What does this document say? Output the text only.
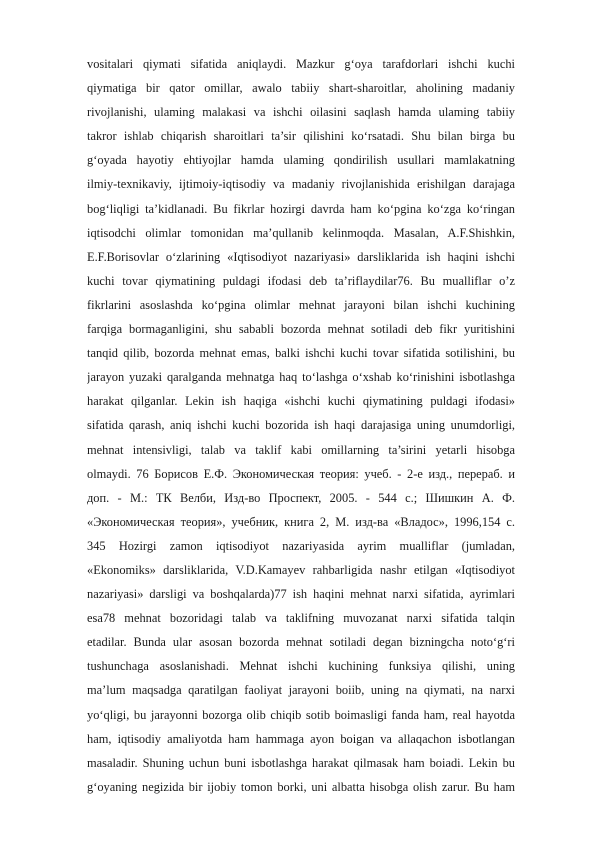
vositalari qiymati sifatida aniqlaydi. Mazkur g‘oya tarafdorlari ishchi kuchi
qiymatiga bir qator omillar, awalo tabiiy shart-sharoitlar, aholining madaniy
rivojlanishi, ulaming malakasi va ishchi oilasini saqlash hamda ulaming tabiiy
takror ishlab chiqarish sharoitlari ta’sir qilishini ko‘rsatadi. Shu bilan birga bu
g‘oyada hayotiy ehtiyojlar hamda ulaming qondirilish usullari mamlakatning
ilmiy-texnikaviy, ijtimoiy-iqtisodiy va madaniy rivojlanishida erishilgan darajaga
bog‘liqligi ta’kidlanadi. Bu fikrlar hozirgi davrda ham ko‘pgina ko‘zga ko‘ringan
iqtisodchi olimlar tomonidan ma’qullanib kelinmoqda. Masalan, A.F.Shishkin,
E.F.Borisovlar o‘zlarining «Iqtisodiyot nazariyasi» darsliklarida ish haqini ishchi
kuchi tovar qiymatining puldagi ifodasi deb ta’riflaydilar76. Bu mualliflar o’z
fikrlarini asoslashda ko‘pgina olimlar mehnat jarayoni bilan ishchi kuchining
farqiga bormaganligini, shu sababli bozorda mehnat sotiladi deb fikr yuritishini
tanqid qilib, bozorda mehnat emas, balki ishchi kuchi tovar sifatida sotilishini, bu
jarayon yuzaki qaralganda mehnatga haq to‘lashga o‘xshab ko‘rinishini isbotlashga
harakat qilganlar. Lekin ish haqiga «ishchi kuchi qiymatining puldagi ifodasi»
sifatida qarash, aniq ishchi kuchi bozorida ish haqi darajasiga uning unumdorligi,
mehnat intensivligi, talab va taklif kabi omillarning ta’sirini yetarli hisobga
olmaydi. 76 Борисов Е.Ф. Экономическая теория: учеб. - 2-е изд., перераб. и
доп. - М.: ТК Велби, Изд-во Проспект, 2005. - 544 с.; Шишкин А. Ф.
«Экономическая теория», учебник, книга 2, М. изд-ва «Владос», 1996,154 с.
345 Hozirgi zamon iqtisodiyot nazariyasida ayrim mualliflar (jumladan,
«Ekonomiks» darsliklarida, V.D.Kamayev rahbarligida nashr etilgan «Iqtisodiyot
nazariyasi» darsligi va boshqalarda)77 ish haqini mehnat narxi sifatida, ayrimlari
esa78 mehnat bozoridagi talab va taklifning muvozanat narxi sifatida talqin
etadilar. Bunda ular asosan bozorda mehnat sotiladi degan bizningcha noto‘g‘ri
tushunchaga asoslanishadi. Mehnat ishchi kuchining funksiya qilishi, uning
ma’lum maqsadga qaratilgan faoliyat jarayoni boiib, uning na qiymati, na narxi
yo‘qligi, bu jarayonni bozorga olib chiqib sotib boimasligi fanda ham, real hayotda
ham, iqtisodiy amaliyotda ham hammaga ayon boigan va allaqachon isbotlangan
masaladir. Shuning uchun buni isbotlashga harakat qilmasak ham boiadi. Lekin bu
g‘oyaning negizida bir ijobiy tomon borki, uni albatta hisobga olish zarur. Bu ham
